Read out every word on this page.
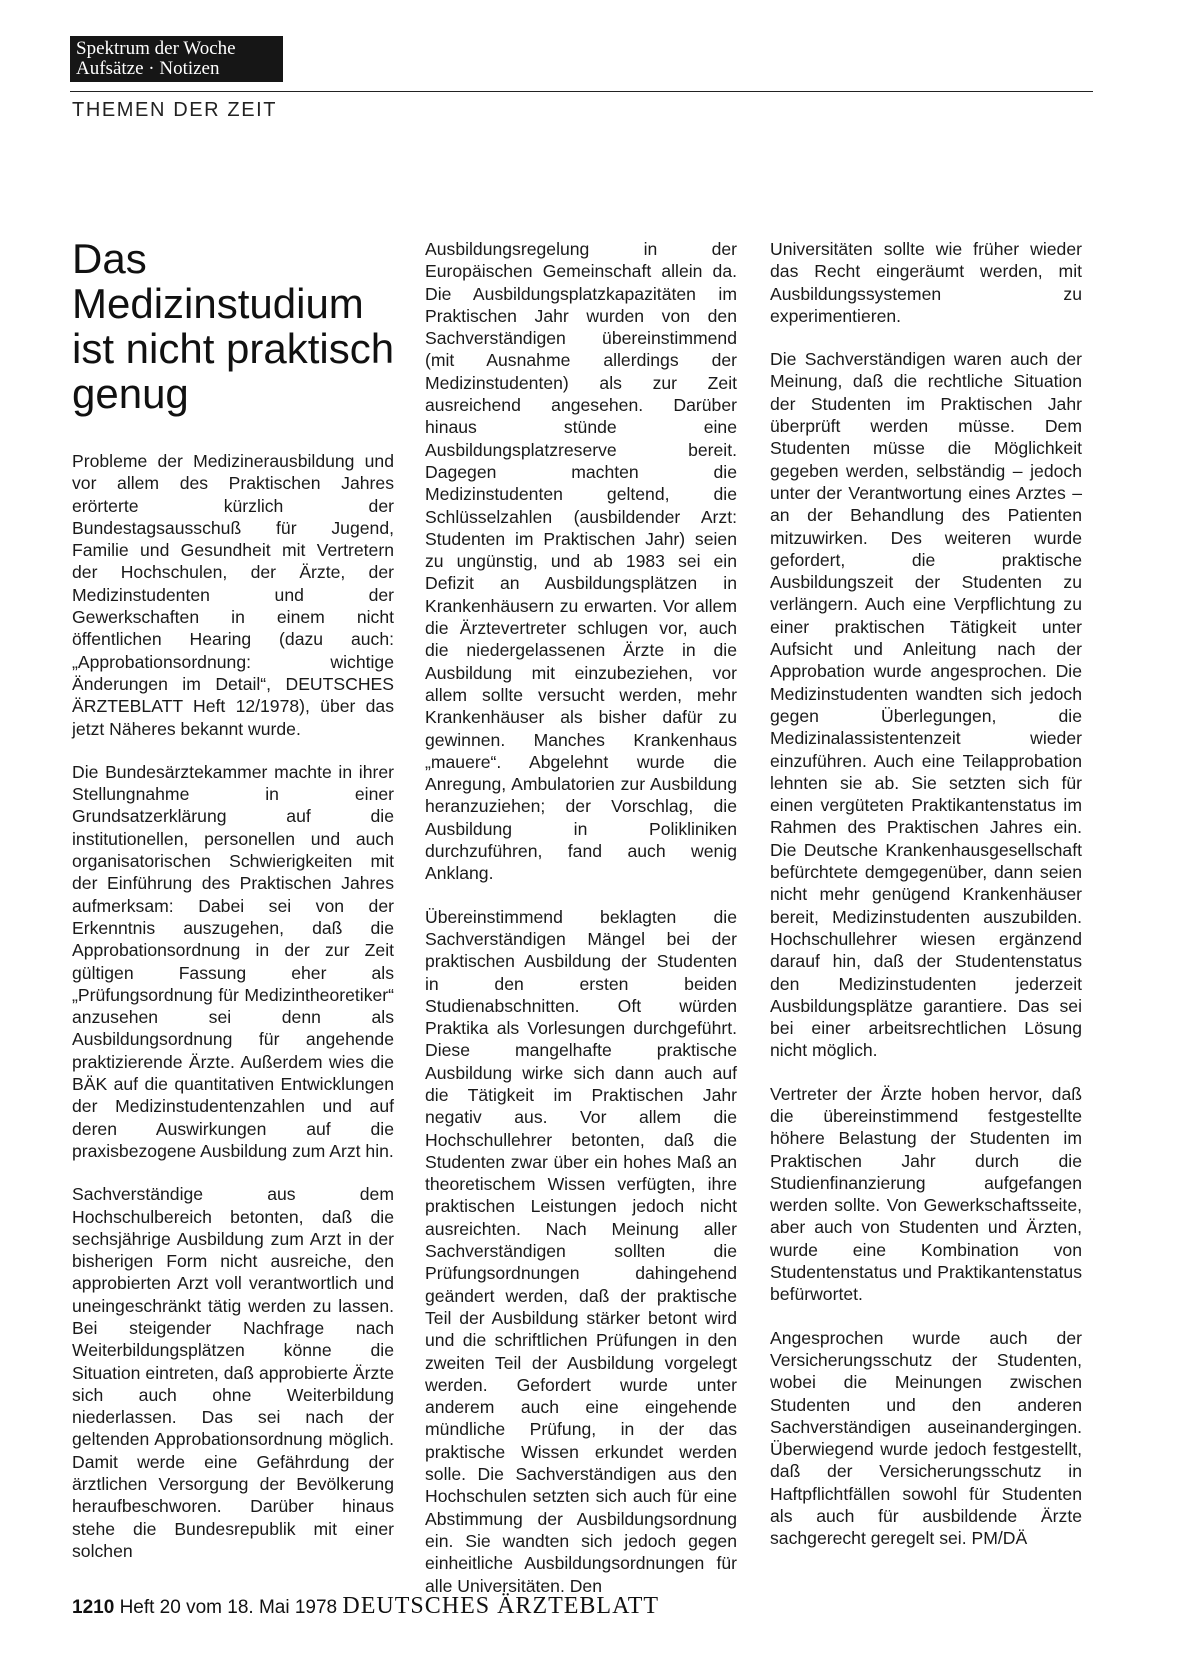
Spektrum der Woche
Aufsätze · Notizen
THEMEN DER ZEIT
Das Medizinstudium ist nicht praktisch genug

Probleme der Medizinerausbildung und vor allem des Praktischen Jahres erörterte kürzlich der Bundestagsausschuß für Jugend, Familie und Gesundheit mit Vertretern der Hochschulen, der Ärzte, der Medizinstudenten und der Gewerkschaften in einem nicht öffentlichen Hearing (dazu auch: „Approbationsordnung: wichtige Änderungen im Detail“, DEUTSCHES ÄRZTEBLATT Heft 12/1978), über das jetzt Näheres bekannt wurde.

Die Bundesärztekammer machte in ihrer Stellungnahme in einer Grundsatzerklärung auf die institutionellen, personellen und auch organisatorischen Schwierigkeiten mit der Einführung des Praktischen Jahres aufmerksam: Dabei sei von der Erkenntnis auszugehen, daß die Approbationsordnung in der zur Zeit gültigen Fassung eher als „Prüfungsordnung für Medizintheoretiker“ anzusehen sei denn als Ausbildungsordnung für angehende praktizierende Ärzte. Außerdem wies die BÄK auf die quantitativen Entwicklungen der Medizinstudentenzahlen und auf deren Auswirkungen auf die praxisbezogene Ausbildung zum Arzt hin.

Sachverständige aus dem Hochschulbereich betonten, daß die sechsjährige Ausbildung zum Arzt in der bisherigen Form nicht ausreiche, den approbierten Arzt voll verantwortlich und uneingeschränkt tätig werden zu lassen. Bei steigender Nachfrage nach Weiterbildungsplätzen könne die Situation eintreten, daß approbierte Ärzte sich auch ohne Weiterbildung niederlassen. Das sei nach der geltenden Approbationsordnung möglich. Damit werde eine Gefährdung der ärztlichen Versorgung der Bevölkerung heraufbeschworen. Darüber hinaus stehe die Bundesrepublik mit einer solchen

Ausbildungsregelung in der Europäischen Gemeinschaft allein da. Die Ausbildungsplatzkapazitäten im Praktischen Jahr wurden von den Sachverständigen übereinstimmend (mit Ausnahme allerdings der Medizinstudenten) als zur Zeit ausreichend angesehen. Darüber hinaus stünde eine Ausbildungsplatzreserve bereit. Dagegen machten die Medizinstudenten geltend, die Schlüsselzahlen (ausbildender Arzt: Studenten im Praktischen Jahr) seien zu ungünstig, und ab 1983 sei ein Defizit an Ausbildungsplätzen in Krankenhäusern zu erwarten. Vor allem die Ärztevertreter schlugen vor, auch die niedergelassenen Ärzte in die Ausbildung mit einzubeziehen, vor allem sollte versucht werden, mehr Krankenhäuser als bisher dafür zu gewinnen. Manches Krankenhaus „mauere“. Abgelehnt wurde die Anregung, Ambulatorien zur Ausbildung heranzuziehen; der Vorschlag, die Ausbildung in Polikliniken durchzuführen, fand auch wenig Anklang.

Übereinstimmend beklagten die Sachverständigen Mängel bei der praktischen Ausbildung der Studenten in den ersten beiden Studienabschnitten. Oft würden Praktika als Vorlesungen durchgeführt. Diese mangelhafte praktische Ausbildung wirke sich dann auch auf die Tätigkeit im Praktischen Jahr negativ aus. Vor allem die Hochschullehrer betonten, daß die Studenten zwar über ein hohes Maß an theoretischem Wissen verfügten, ihre praktischen Leistungen jedoch nicht ausreichten. Nach Meinung aller Sachverständigen sollten die Prüfungsordnungen dahingehend geändert werden, daß der praktische Teil der Ausbildung stärker betont wird und die schriftlichen Prüfungen in den zweiten Teil der Ausbildung vorgelegt werden. Gefordert wurde unter anderem auch eine eingehende mündliche Prüfung, in der das praktische Wissen erkundet werden solle. Die Sachverständigen aus den Hochschulen setzten sich auch für eine Abstimmung der Ausbildungsordnung ein. Sie wandten sich jedoch gegen einheitliche Ausbildungsordnungen für alle Universitäten. Den

Universitäten sollte wie früher wieder das Recht eingeräumt werden, mit Ausbildungssystemen zu experimentieren.

Die Sachverständigen waren auch der Meinung, daß die rechtliche Situation der Studenten im Praktischen Jahr überprüft werden müsse. Dem Studenten müsse die Möglichkeit gegeben werden, selbständig – jedoch unter der Verantwortung eines Arztes – an der Behandlung des Patienten mitzuwirken. Des weiteren wurde gefordert, die praktische Ausbildungszeit der Studenten zu verlängern. Auch eine Verpflichtung zu einer praktischen Tätigkeit unter Aufsicht und Anleitung nach der Approbation wurde angesprochen. Die Medizinstudenten wandten sich jedoch gegen Überlegungen, die Medizinalassistentenzeit wieder einzuführen. Auch eine Teilapprobation lehnten sie ab. Sie setzten sich für einen vergüteten Praktikantenstatus im Rahmen des Praktischen Jahres ein. Die Deutsche Krankenhausgesellschaft befürchtete demgegenüber, dann seien nicht mehr genügend Krankenhäuser bereit, Medizinstudenten auszubilden. Hochschullehrer wiesen ergänzend darauf hin, daß der Studentenstatus den Medizinstudenten jederzeit Ausbildungsplätze garantiere. Das sei bei einer arbeitsrechtlichen Lösung nicht möglich.

Vertreter der Ärzte hoben hervor, daß die übereinstimmend festgestellte höhere Belastung der Studenten im Praktischen Jahr durch die Studienfinanzierung aufgefangen werden sollte. Von Gewerkschaftsseite, aber auch von Studenten und Ärzten, wurde eine Kombination von Studentenstatus und Praktikantenstatus befürwortet.

Angesprochen wurde auch der Versicherungsschutz der Studenten, wobei die Meinungen zwischen Studenten und den anderen Sachverständigen auseinandergingen. Überwiegend wurde jedoch festgestellt, daß der Versicherungsschutz in Haftpflichtfällen sowohl für Studenten als auch für ausbildende Ärzte sachgerecht geregelt sei. PM/DÄ

1210 Heft 20 vom 18. Mai 1978 DEUTSCHES ÄRZTEBLATT
